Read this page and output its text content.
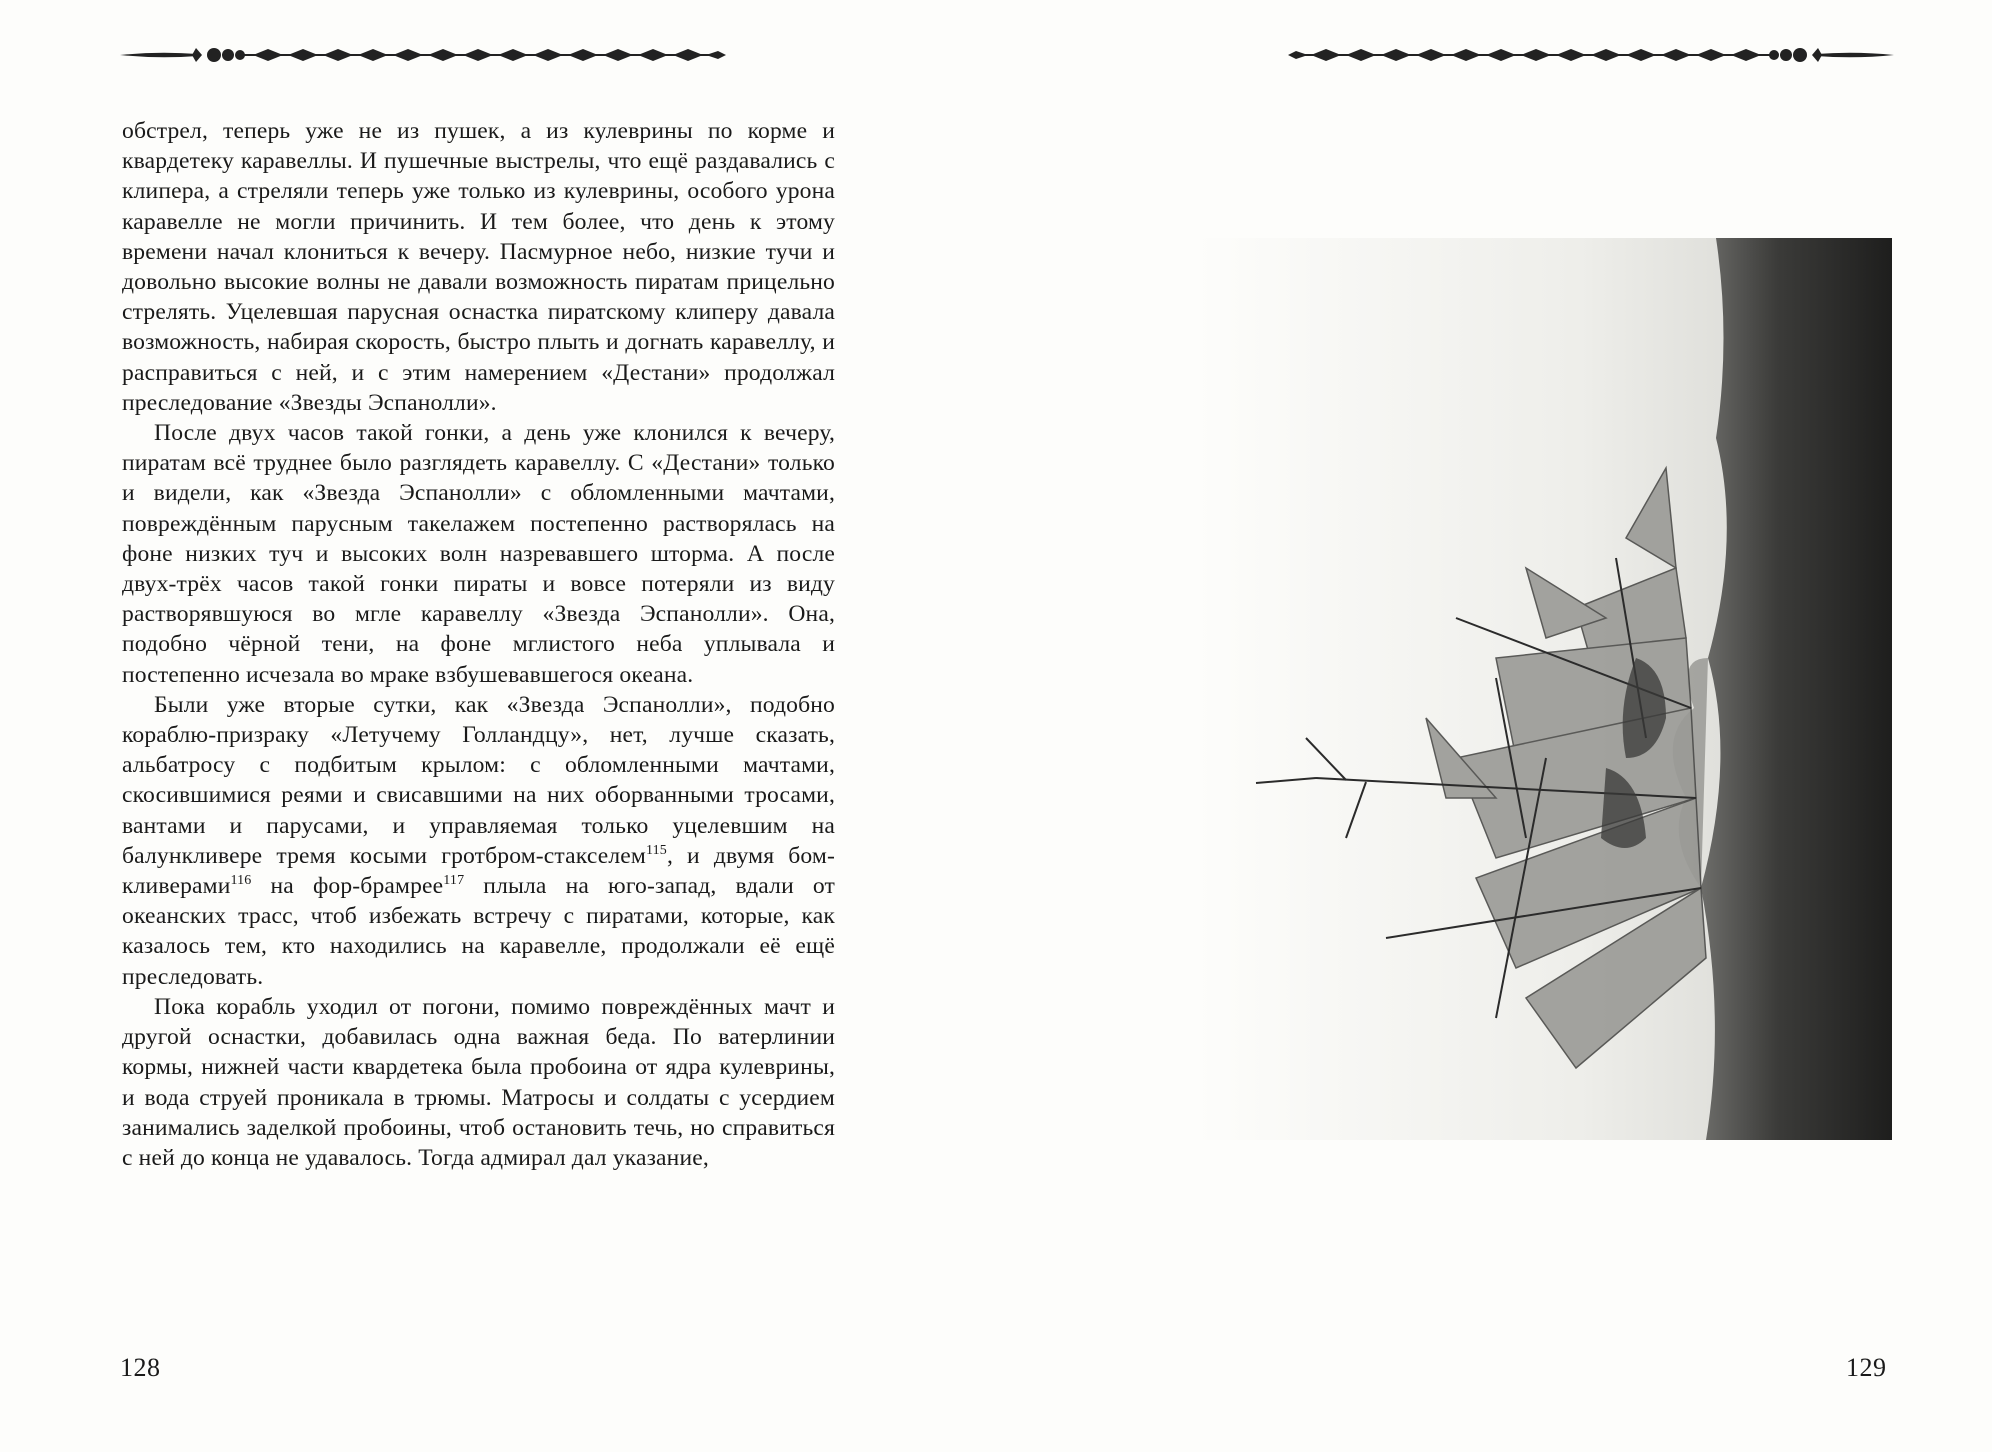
обстрел, теперь уже не из пушек, а из кулеврины по корме и квардетеку каравеллы. И пушечные выстрелы, что ещё раздавались с клипера, а стреляли теперь уже только из кулеврины, особого урона каравелле не могли причинить. И тем более, что день к этому времени начал клониться к вечеру. Пасмурное небо, низкие тучи и довольно высокие волны не давали возможность пиратам прицельно стрелять. Уцелевшая парусная оснастка пиратскому клиперу давала возможность, набирая скорость, быстро плыть и догнать каравеллу, и расправиться с ней, и с этим намерением «Дестани» продолжал преследование «Звезды Эспанолли».

После двух часов такой гонки, а день уже клонился к вечеру, пиратам всё труднее было разглядеть каравеллу. С «Дестани» только и видели, как «Звезда Эспанолли» с обломленными мачтами, повреждённым парусным такелажем постепенно растворялась на фоне низких туч и высоких волн назревавшего шторма. А после двух-трёх часов такой гонки пираты и вовсе потеряли из виду растворявшуюся во мгле каравеллу «Звезда Эспанолли». Она, подобно чёрной тени, на фоне мглистого неба уплывала и постепенно исчезала во мраке взбушевавшегося океана.

Были уже вторые сутки, как «Звезда Эспанолли», подобно кораблю-призраку «Летучему Голландцу», нет, лучше сказать, альбатросу с подбитым крылом: с обломленными мачтами, скосившимися реями и свисавшими на них оборванными тросами, вантами и парусами, и управляемая только уцелевшим на балункливере тремя косыми гротбром-стакселем$^{115}$, и двумя бом-кливерами$^{116}$ на фор-брамрее$^{117}$ плыла на юго-запад, вдали от океанских трасс, чтоб избежать встречу с пиратами, которые, как казалось тем, кто находились на каравелле, продолжали её ещё преследовать.

Пока корабль уходил от погони, помимо повреждённых мачт и другой оснастки, добавилась одна важная беда. По ватерлинии кормы, нижней части квардетека была пробоина от ядра кулеврины, и вода струей проникала в трюмы. Матросы и солдаты с усердием занимались заделкой пробоины, чтоб остановить течь, но справиться с ней до конца не удавалось. Тогда адмирал дал указание,

128	129
